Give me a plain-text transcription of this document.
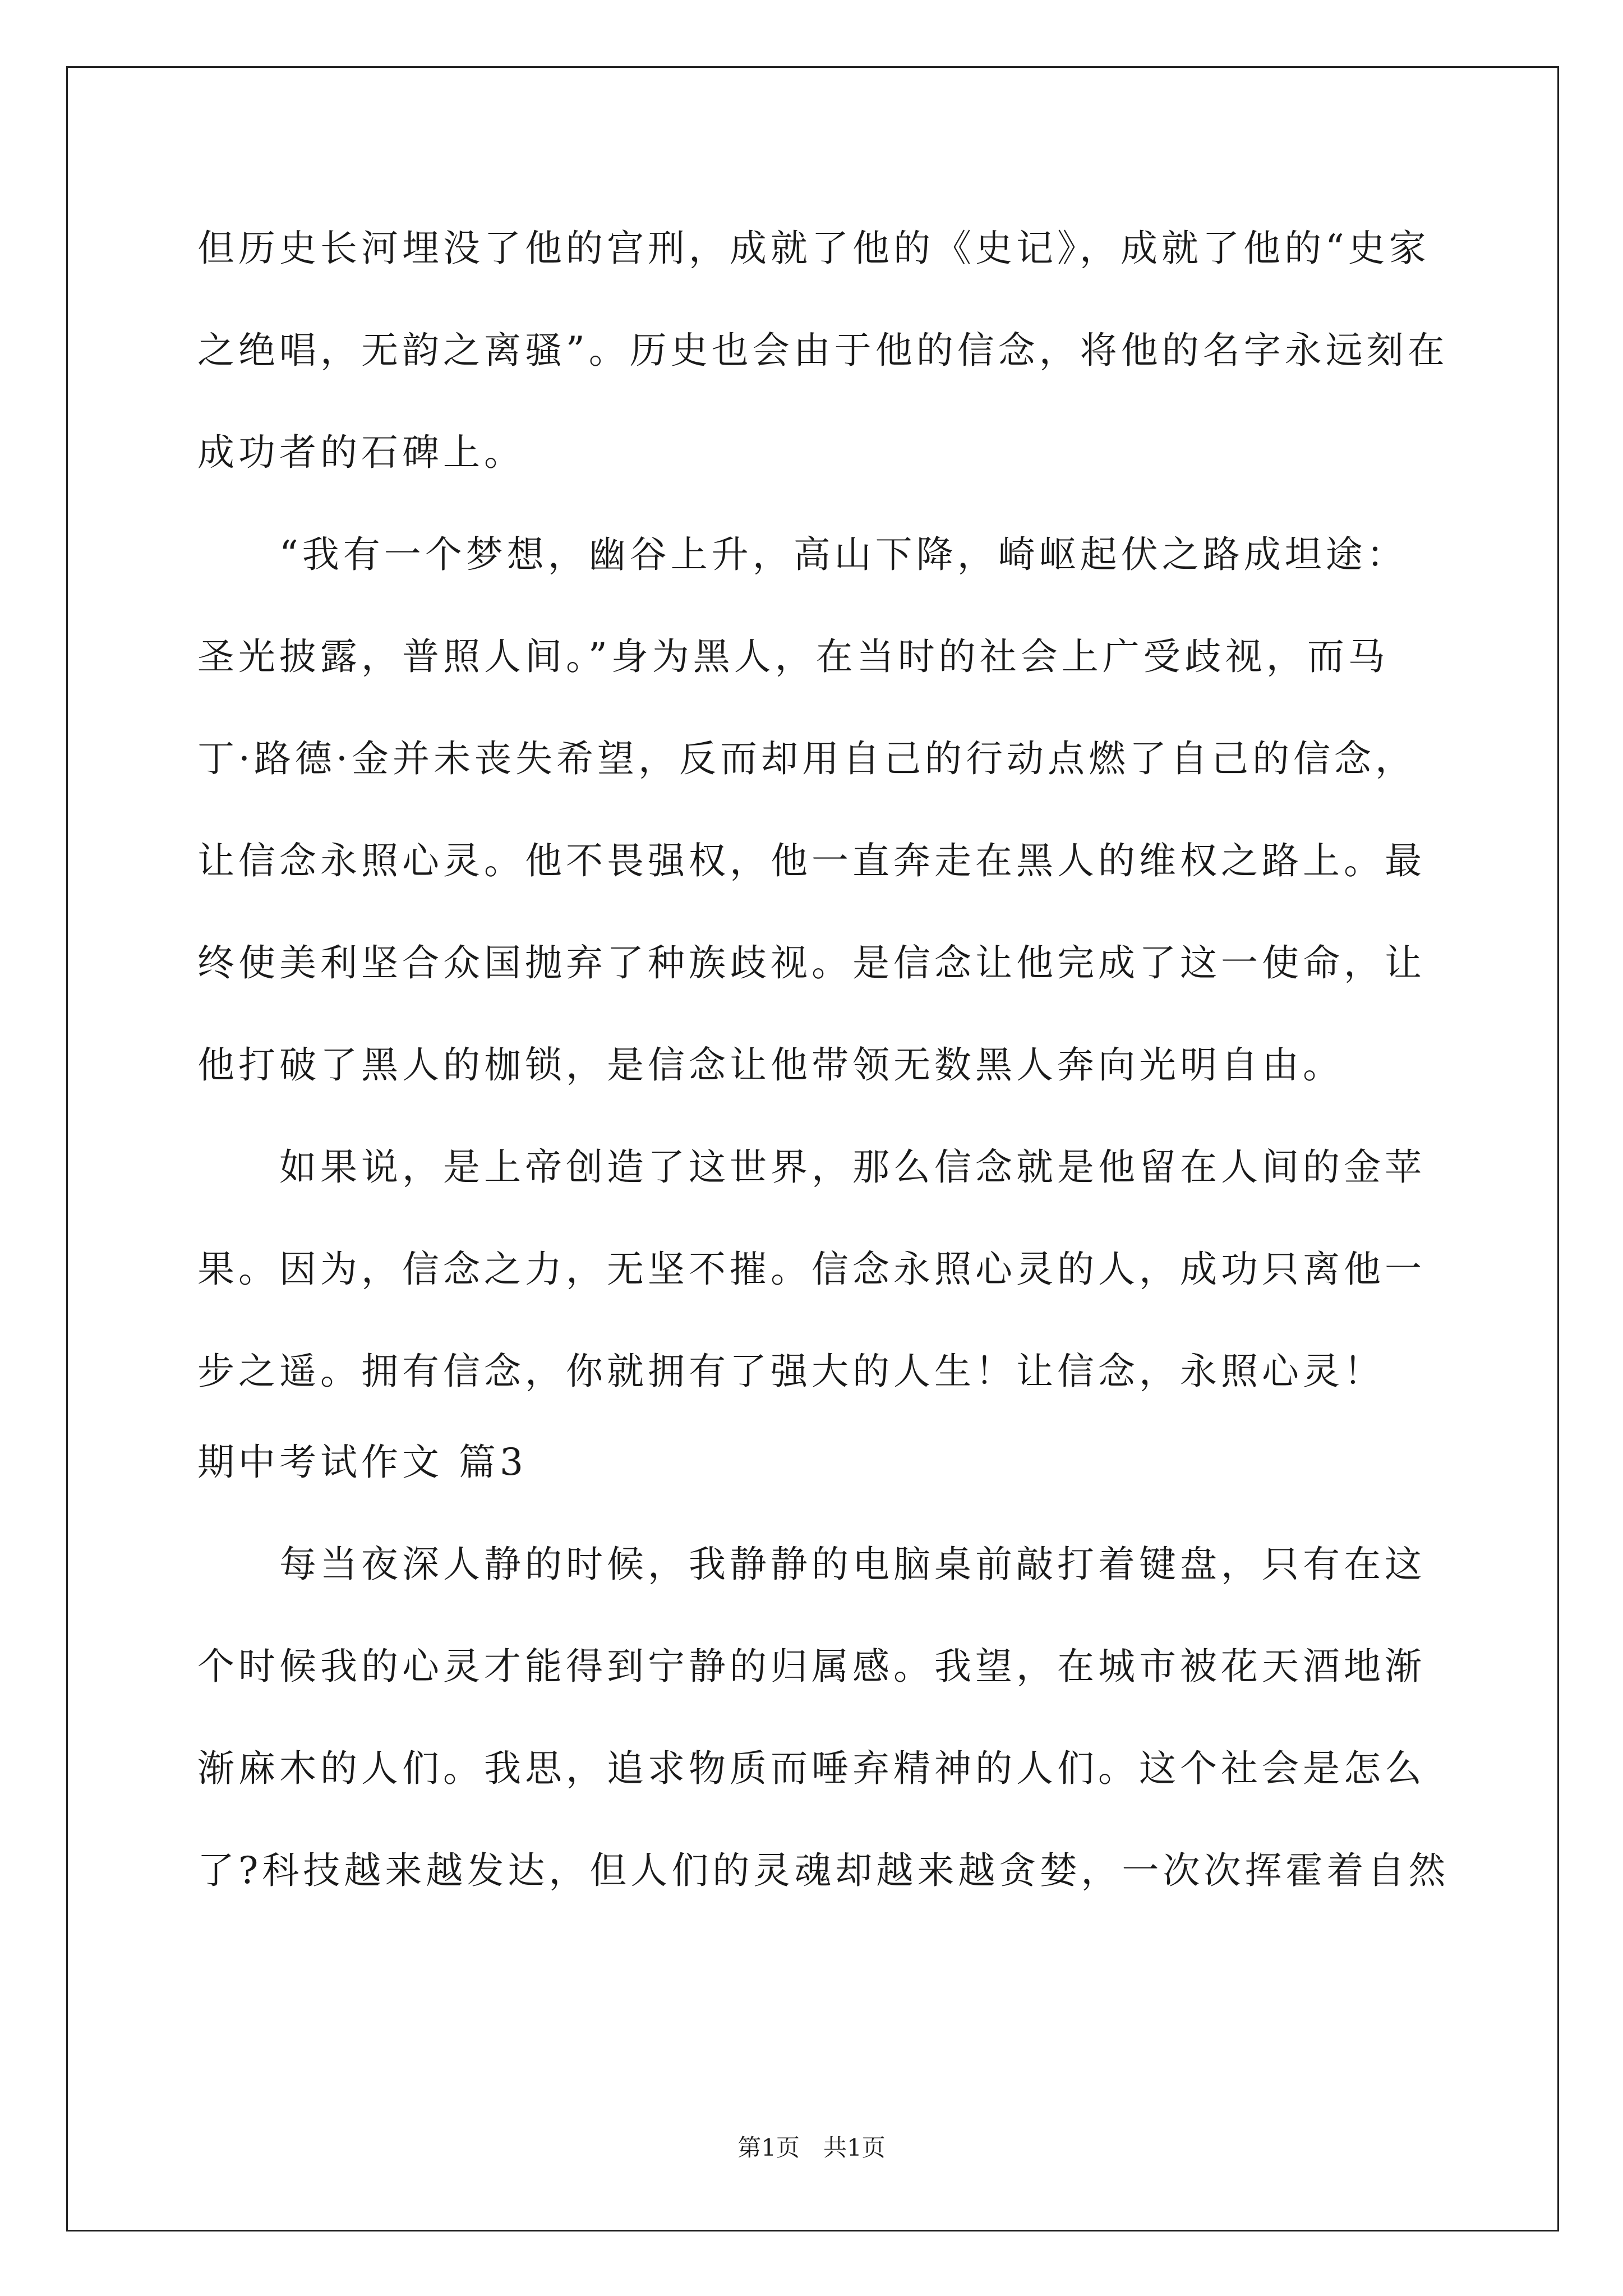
但历史长河埋没了他的宫刑，成就了他的《史记》，成就了他的“史家
之绝唱，无韵之离骚”。历史也会由于他的信念，将他的名字永远刻在
成功者的石碑上。
　　“我有一个梦想，幽谷上升，高山下降，崎岖起伏之路成坦途：
圣光披露，普照人间。”身为黑人，在当时的社会上广受歧视，而马
丁·路德·金并未丧失希望，反而却用自己的行动点燃了自己的信念，
让信念永照心灵。他不畏强权，他一直奔走在黑人的维权之路上。最
终使美利坚合众国抛弃了种族歧视。是信念让他完成了这一使命，让
他打破了黑人的枷锁，是信念让他带领无数黑人奔向光明自由。
　　如果说，是上帝创造了这世界，那么信念就是他留在人间的金苹
果。因为，信念之力，无坚不摧。信念永照心灵的人，成功只离他一
步之遥。拥有信念，你就拥有了强大的人生！让信念，永照心灵！
期中考试作文 篇3
　　每当夜深人静的时候，我静静的电脑桌前敲打着键盘，只有在这
个时候我的心灵才能得到宁静的归属感。我望，在城市被花天酒地渐
渐麻木的人们。我思，追求物质而唾弃精神的人们。这个社会是怎么
了?科技越来越发达，但人们的灵魂却越来越贪婪，一次次挥霍着自然
第1页　共1页
